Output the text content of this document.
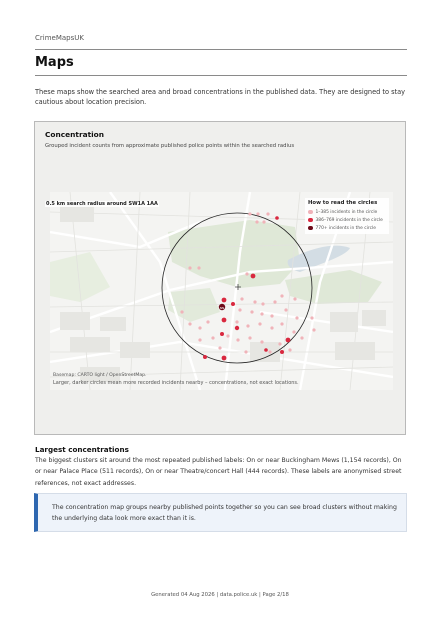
CrimeMapsUK
Maps
These maps show the searched area and broad concentrations in the published data. They are designed to stay cautious about location precision.
Concentration
Grouped incident counts from approximate published police points within the searched radius
NN
0.5 km search radius around SW1A 1AA	How to read the circles
1–385 incidents in the circle
386–769 incidents in the circle
770+ incidents in the circle
Basemap: CARTO light / OpenStreetMap.
Larger, darker circles mean more recorded incidents nearby – concentrations, not exact locations.
Largest concentrations
The biggest clusters sit around the most repeated published labels: On or near Buckingham Mews (1,154 records), On or near Palace Place (511 records), On or near Theatre/concert Hall (444 records). These labels are anonymised street references, not exact addresses.
The concentration map groups nearby published points together so you can see broad clusters without making the underlying data look more exact than it is.
Generated 04 Aug 2026 | data.police.uk | Page 2/18
